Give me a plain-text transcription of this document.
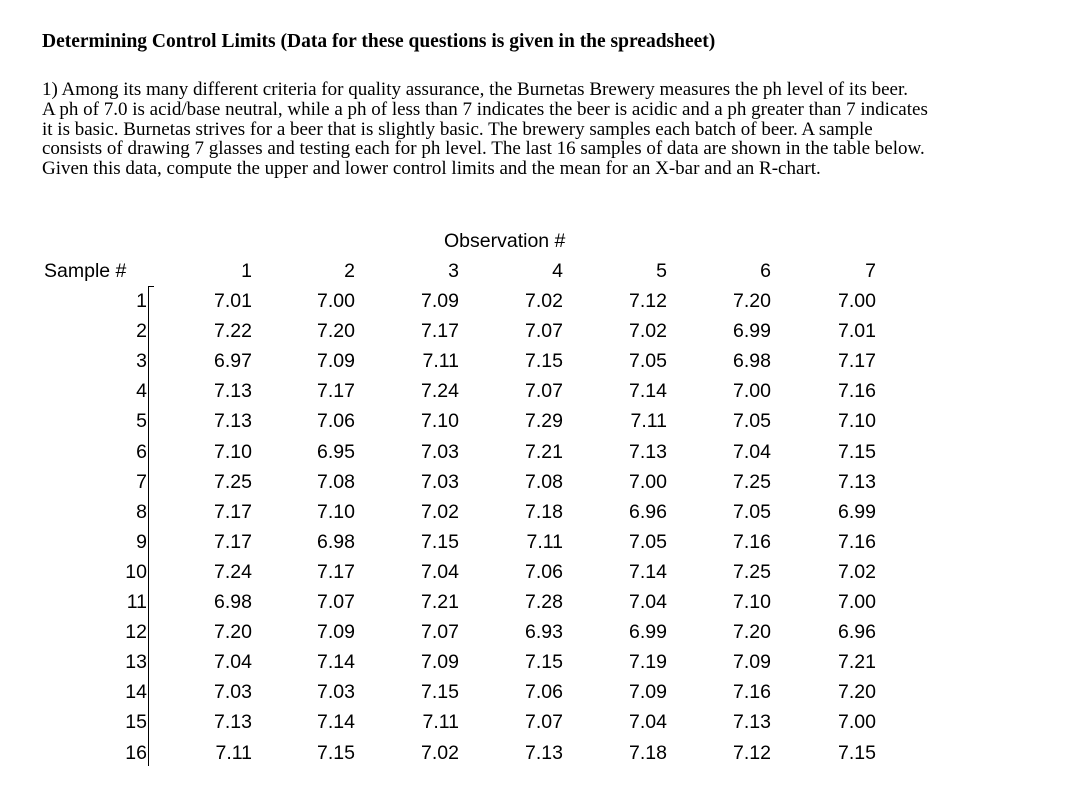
Determining Control Limits (Data for these questions is given in the spreadsheet)
1) Among its many different criteria for quality assurance, the Burnetas Brewery measures the ph level of its beer.
A ph of 7.0 is acid/base neutral, while a ph of less than 7 indicates the beer is acidic and a ph greater than 7 indicates
it is basic. Burnetas strives for a beer that is slightly basic. The brewery samples each batch of beer. A sample
consists of drawing 7 glasses and testing each for ph level. The last 16 samples of data are shown in the table below.
Given this data, compute the upper and lower control limits and the mean for an X-bar and an R-chart.
Observation #
Sample #	1	2	3	4	5	6	7
1	7.01	7.00	7.09	7.02	7.12	7.20	7.00
2	7.22	7.20	7.17	7.07	7.02	6.99	7.01
3	6.97	7.09	7.11	7.15	7.05	6.98	7.17
4	7.13	7.17	7.24	7.07	7.14	7.00	7.16
5	7.13	7.06	7.10	7.29	7.11	7.05	7.10
6	7.10	6.95	7.03	7.21	7.13	7.04	7.15
7	7.25	7.08	7.03	7.08	7.00	7.25	7.13
8	7.17	7.10	7.02	7.18	6.96	7.05	6.99
9	7.17	6.98	7.15	7.11	7.05	7.16	7.16
10	7.24	7.17	7.04	7.06	7.14	7.25	7.02
11	6.98	7.07	7.21	7.28	7.04	7.10	7.00
12	7.20	7.09	7.07	6.93	6.99	7.20	6.96
13	7.04	7.14	7.09	7.15	7.19	7.09	7.21
14	7.03	7.03	7.15	7.06	7.09	7.16	7.20
15	7.13	7.14	7.11	7.07	7.04	7.13	7.00
16	7.11	7.15	7.02	7.13	7.18	7.12	7.15
